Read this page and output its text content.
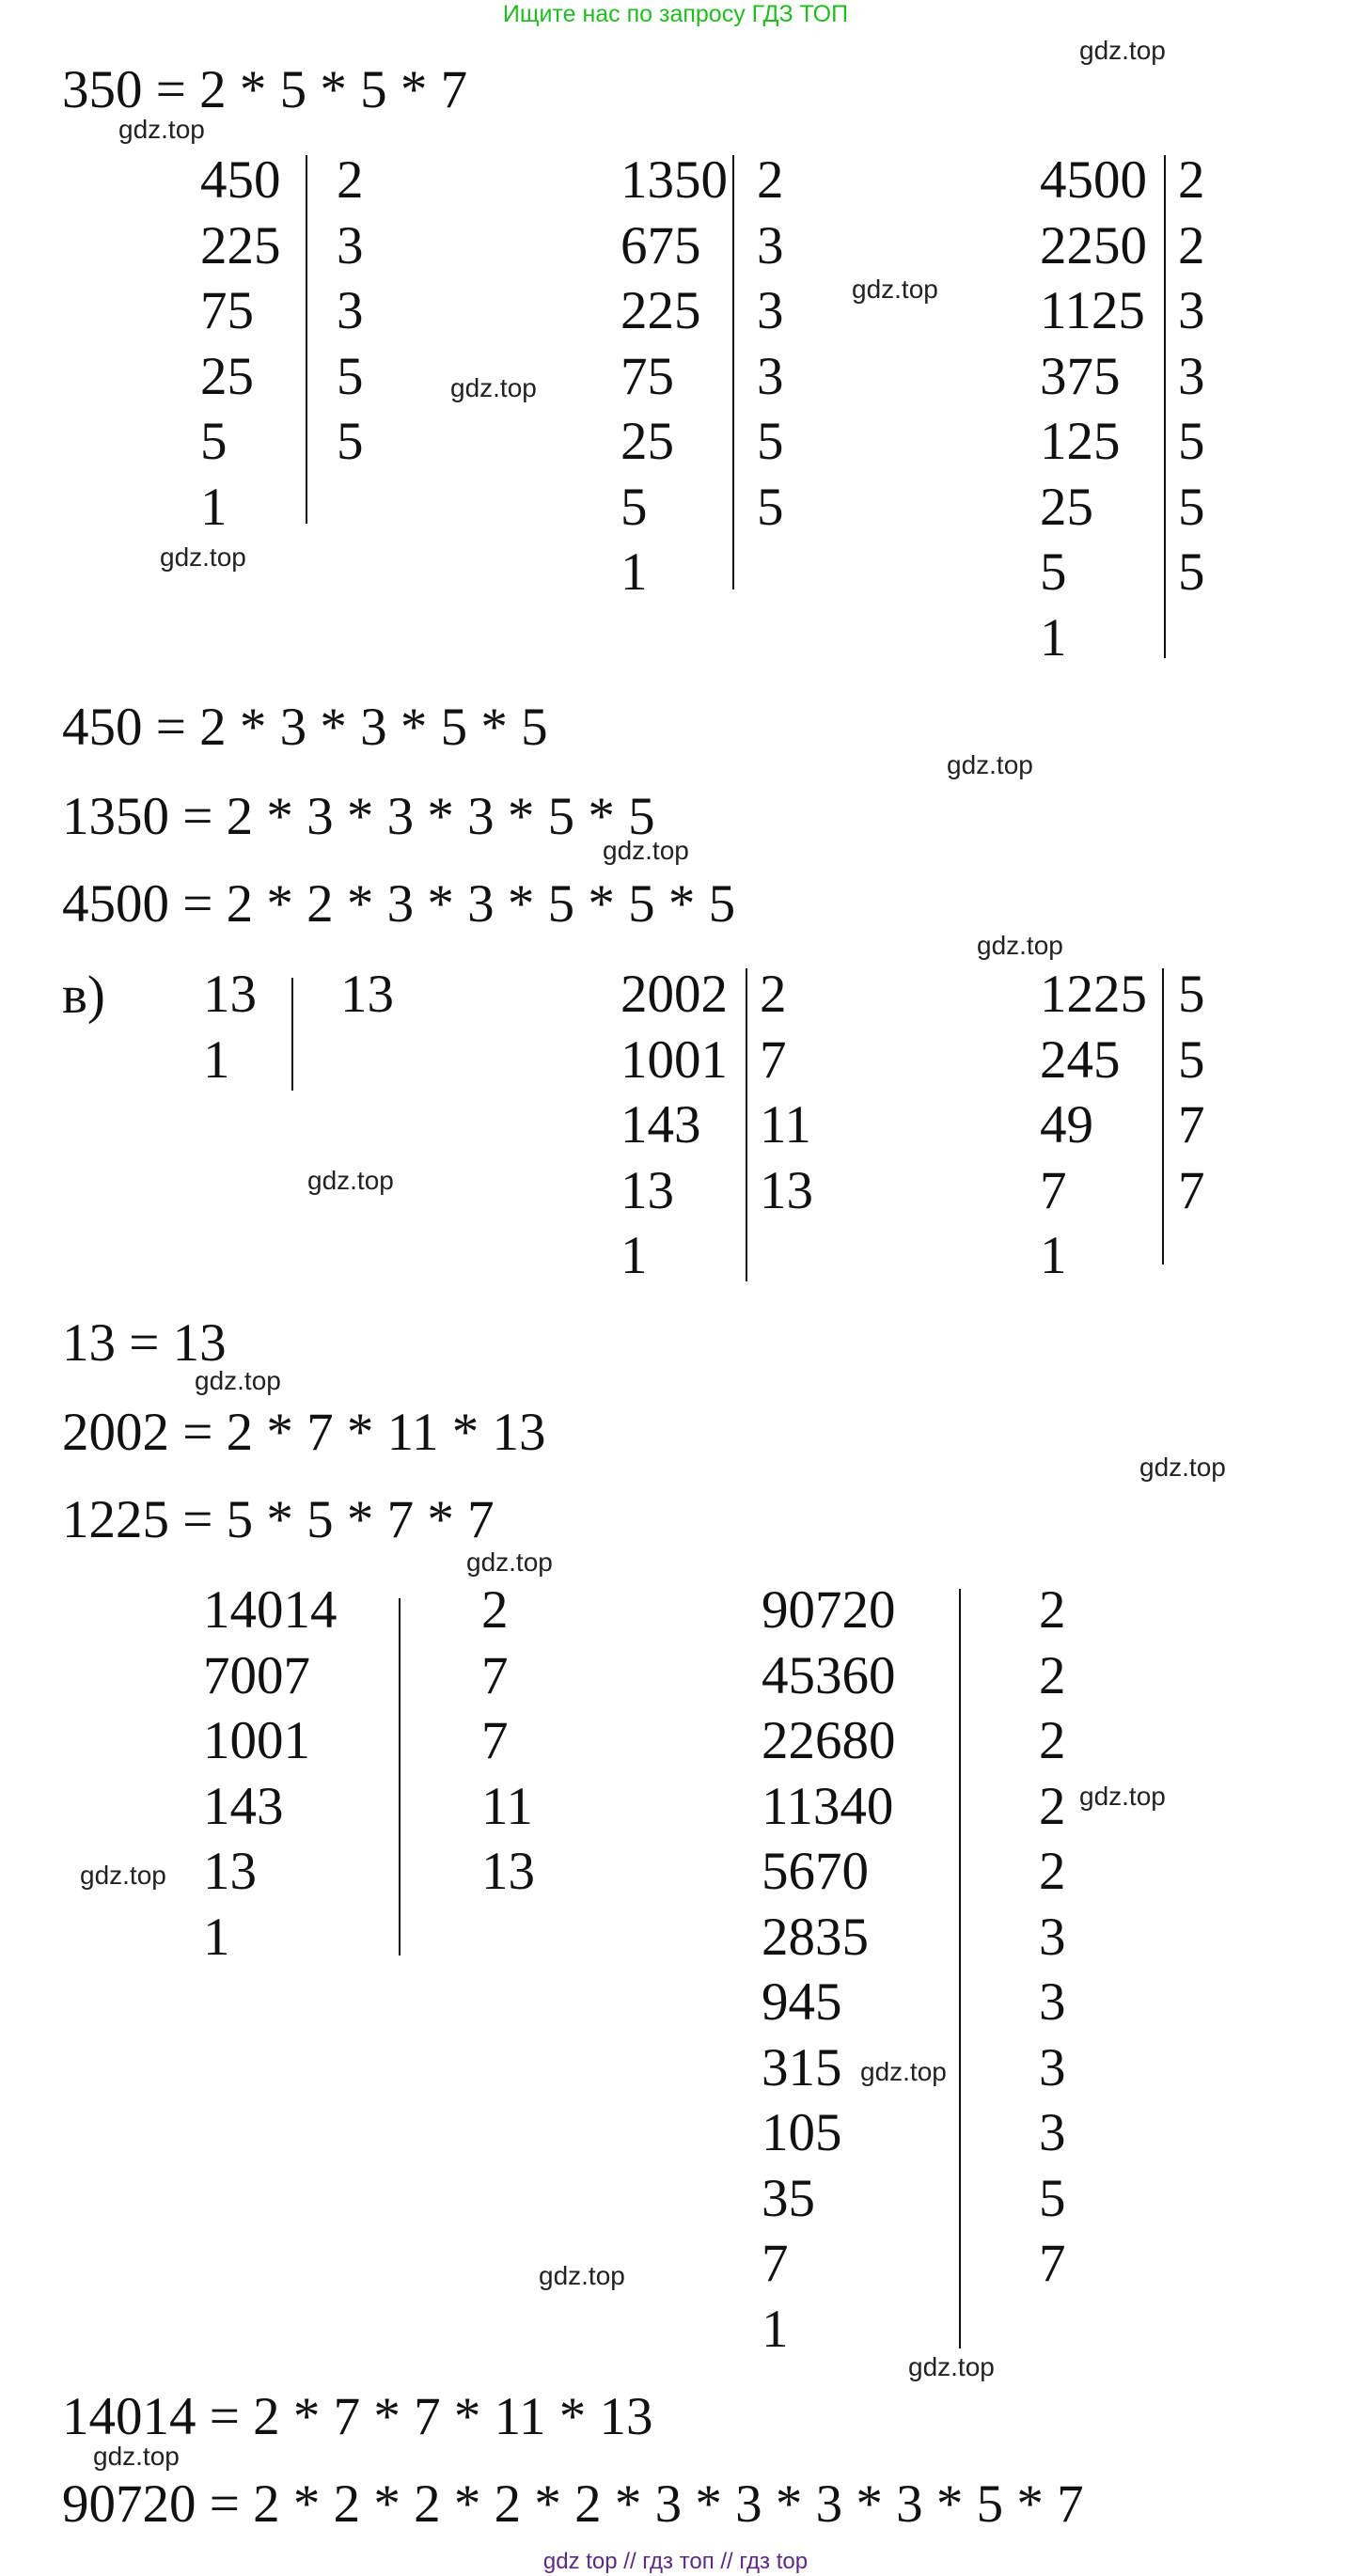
Ищите нас по запросу ГДЗ ТОП
350 = 2 * 5 * 5 * 7
450
225
75
25
5
1
2
3
3
5
5
1350
675
225
75
25
5
1
2
3
3
3
5
5
4500
2250
1125
375
125
25
5
1
2
2
3
3
5
5
5
450 = 2 * 3 * 3 * 5 * 5
1350 = 2 * 3 * 3 * 3 * 5 * 5
4500 = 2 * 2 * 3 * 3 * 5 * 5 * 5
в) 13
1
13	2002
1001
143
13
1
2
7
11
13
1225
245
49
7
1
5
5
7
7
13 = 13
2002 = 2 * 7 * 11 * 13
1225 = 5 * 5 * 7 * 7
14014
7007
1001
143
13
1
2
7
7
11
13
90720
45360
22680
11340
5670
2835
945
315
105
35
7
1
2
2
2
2
2
3
3
3
3
5
7
14014 = 2 * 7 * 7 * 11 * 13
90720 = 2 * 2 * 2 * 2 * 2 * 3 * 3 * 3 * 3 * 5 * 7
gdz.top
gdz.top
gdz.top
gdz.top
gdz.top
gdz.top
gdz.top
gdz.top
gdz.top
gdz.top
gdz.top
gdz.top
gdz.top
gdz.top
gdz.top
gdz.top
gdz.top
gdz.top
gdz top // гдз топ // гдз top
